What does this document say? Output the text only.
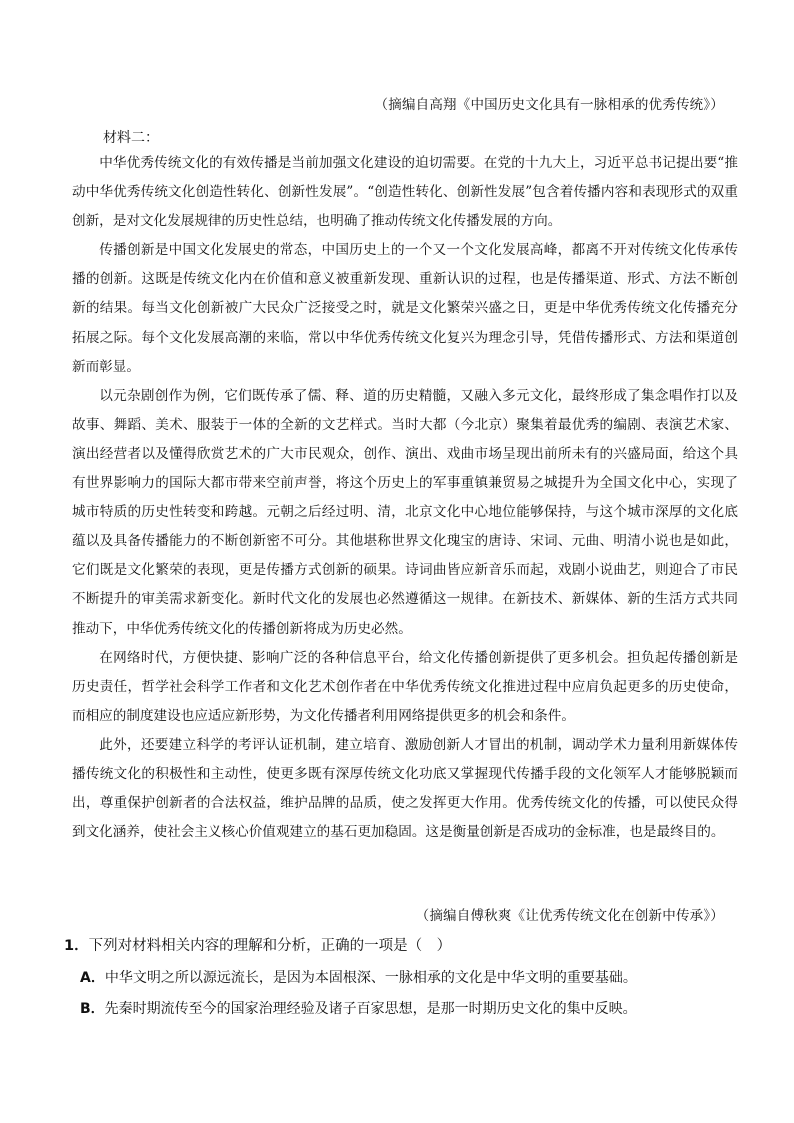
（摘编自高翔《中国历史文化具有一脉相承的优秀传统》）
材料二：

中华优秀传统文化的有效传播是当前加强文化建设的迫切需要。在党的十九大上，习近平总书记提出要“推动中华优秀传统文化创造性转化、创新性发展”。“创造性转化、创新性发展”包含着传播内容和表现形式的双重创新，是对文化发展规律的历史性总结，也明确了推动传统文化传播发展的方向。

传播创新是中国文化发展史的常态，中国历史上的一个又一个文化发展高峰，都离不开对传统文化传承传播的创新。这既是传统文化内在价值和意义被重新发现、重新认识的过程，也是传播渠道、形式、方法不断创新的结果。每当文化创新被广大民众广泛接受之时，就是文化繁荣兴盛之日，更是中华优秀传统文化传播充分拓展之际。每个文化发展高潮的来临，常以中华优秀传统文化复兴为理念引导，凭借传播形式、方法和渠道创新而彰显。

以元杂剧创作为例，它们既传承了儒、释、道的历史精髓，又融入多元文化，最终形成了集念唱作打以及故事、舞蹈、美术、服装于一体的全新的文艺样式。当时大都（今北京）聚集着最优秀的编剧、表演艺术家、演出经营者以及懂得欣赏艺术的广大市民观众，创作、演出、戏曲市场呈现出前所未有的兴盛局面，给这个具有世界影响力的国际大都市带来空前声誉，将这个历史上的军事重镇兼贸易之城提升为全国文化中心，实现了城市特质的历史性转变和跨越。元朝之后经过明、清，北京文化中心地位能够保持，与这个城市深厚的文化底蕴以及具备传播能力的不断创新密不可分。其他堪称世界文化瑰宝的唐诗、宋词、元曲、明清小说也是如此，它们既是文化繁荣的表现，更是传播方式创新的硕果。诗词曲皆应新音乐而起，戏剧小说曲艺，则迎合了市民不断提升的审美需求新变化。新时代文化的发展也必然遵循这一规律。在新技术、新媒体、新的生活方式共同推动下，中华优秀传统文化的传播创新将成为历史必然。

在网络时代，方便快捷、影响广泛的各种信息平台，给文化传播创新提供了更多机会。担负起传播创新是历史责任，哲学社会科学工作者和文化艺术创作者在中华优秀传统文化推进过程中应肩负起更多的历史使命，而相应的制度建设也应适应新形势，为文化传播者利用网络提供更多的机会和条件。

此外，还要建立科学的考评认证机制，建立培育、激励创新人才冒出的机制，调动学术力量利用新媒体传播传统文化的积极性和主动性，使更多既有深厚传统文化功底又掌握现代传播手段的文化领军人才能够脱颖而出，尊重保护创新者的合法权益，维护品牌的品质，使之发挥更大作用。优秀传统文化的传播，可以使民众得到文化涵养，使社会主义核心价值观建立的基石更加稳固。这是衡量创新是否成功的金标准，也是最终目的。

（摘编自傅秋爽《让优秀传统文化在创新中传承》）
1．下列对材料相关内容的理解和分析，正确的一项是（　）
A．中华文明之所以源远流长，是因为本固根深、一脉相承的文化是中华文明的重要基础。
B．先秦时期流传至今的国家治理经验及诸子百家思想，是那一时期历史文化的集中反映。
